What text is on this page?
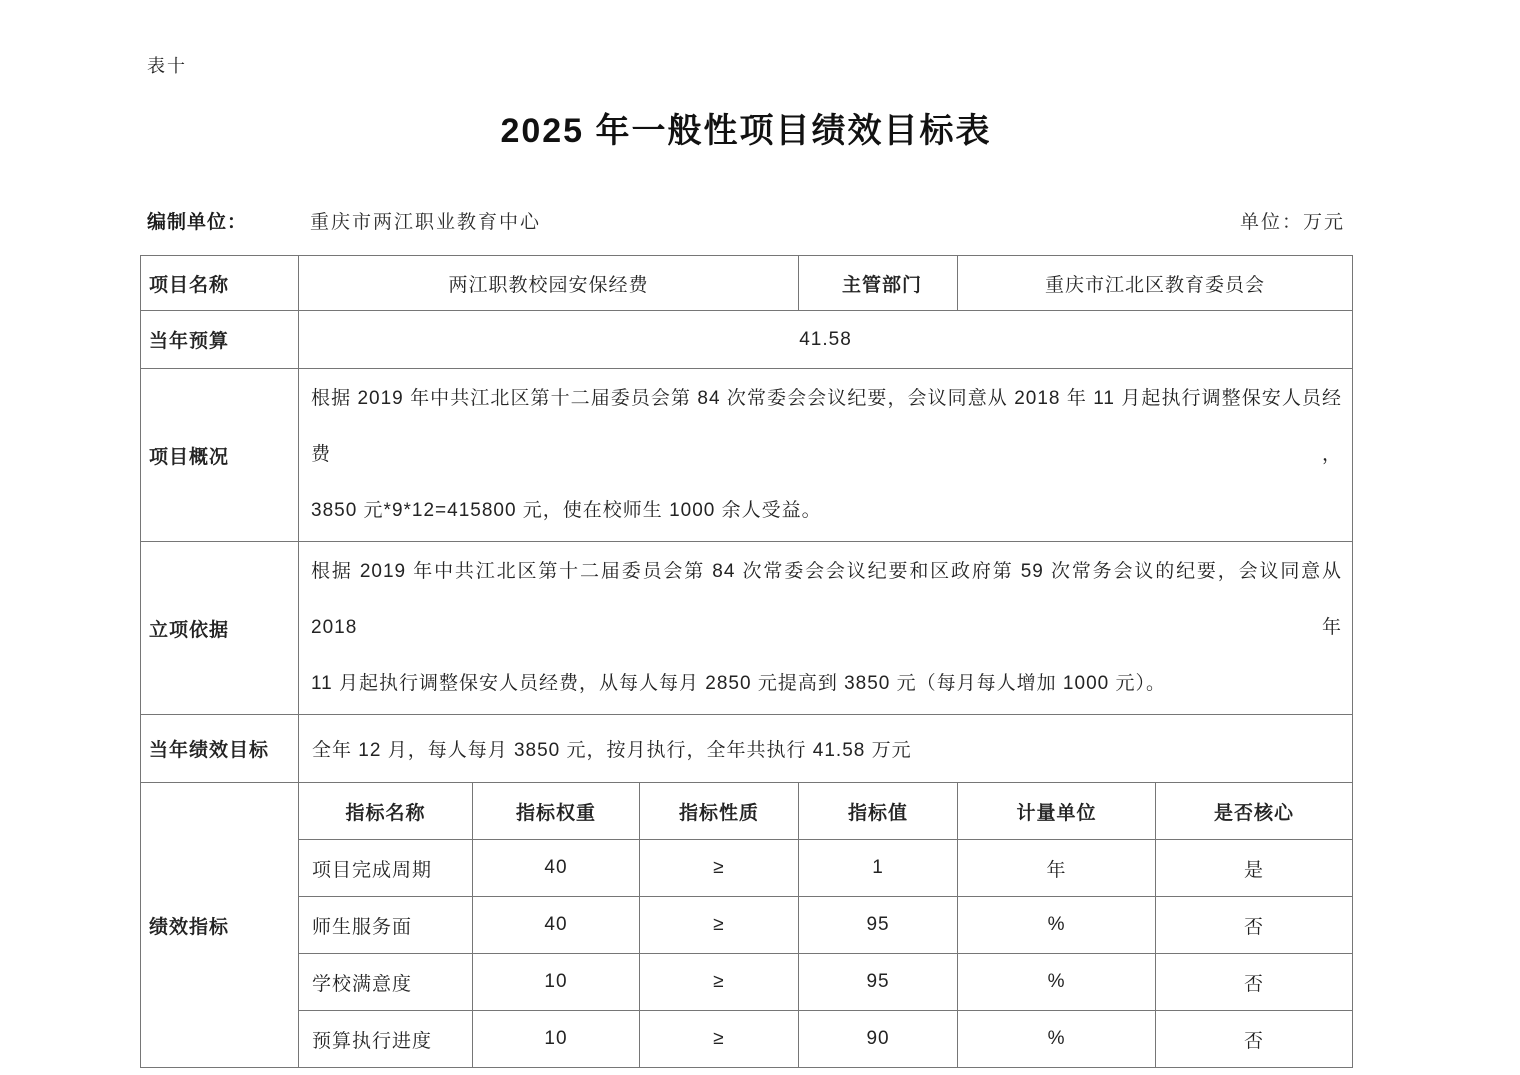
表十
2025 年一般性项目绩效目标表
编制单位：	重庆市两江职业教育中心	单位：万元
项目名称	两江职教校园安保经费			主管部门	重庆市江北区教育委员会	
当年预算	41.58					
项目概况	根据 2019 年中共江北区第十二届委员会第 84 次常委会会议纪要，会议同意从 2018 年 11 月起执行调整保安人员经费，
3850 元*9*12=415800 元，使在校师生 1000 余人受益。					

立项依据	根据 2019 年中共江北区第十二届委员会第 84 次常委会会议纪要和区政府第 59 次常务会议的纪要，会议同意从 2018 年
11 月起执行调整保安人员经费，从每人每月 2850 元提高到 3850 元（每月每人增加 1000 元）。					

当年绩效目标	全年 12 月，每人每月 3850 元，按月执行，全年共执行 41.58 万元					
绩效指标	指标名称	指标权重	指标性质	指标值	计量单位	是否核心
	项目完成周期	40	≥	1	年	是
	师生服务面	40	≥	95	%	否
	学校满意度	10	≥	95	%	否
	预算执行进度	10	≥	90	%	否
